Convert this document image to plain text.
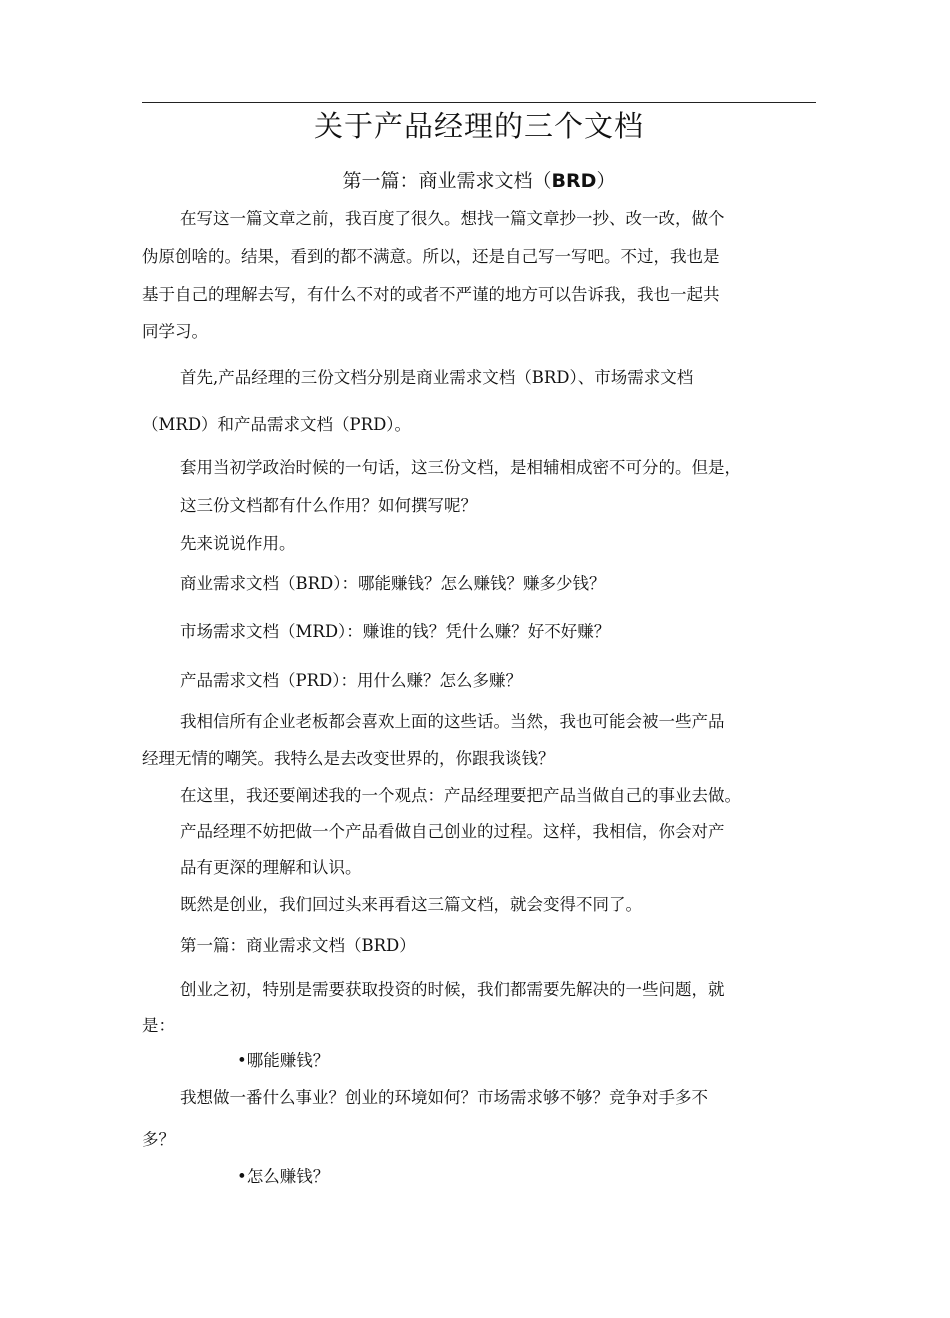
关于产品经理的三个文档
第一篇：商业需求文档（BRD）
在写这一篇文章之前，我百度了很久。想找一篇文章抄一抄、改一改，做个
伪原创啥的。结果，看到的都不满意。所以，还是自己写一写吧。不过，我也是
基于自己的理解去写，有什么不对的或者不严谨的地方可以告诉我，我也一起共
同学习。
首先,产品经理的三份文档分别是商业需求文档（BRD）、市场需求文档
（MRD）和产品需求文档（PRD）。
套用当初学政治时候的一句话，这三份文档，是相辅相成密不可分的。但是，
这三份文档都有什么作用？如何撰写呢？
先来说说作用。
商业需求文档（BRD）：哪能赚钱？怎么赚钱？赚多少钱？
市场需求文档（MRD）：赚谁的钱？凭什么赚？好不好赚？
产品需求文档（PRD）：用什么赚？怎么多赚？
我相信所有企业老板都会喜欢上面的这些话。当然，我也可能会被一些产品
经理无情的嘲笑。我特么是去改变世界的，你跟我谈钱？
在这里，我还要阐述我的一个观点：产品经理要把产品当做自己的事业去做。
产品经理不妨把做一个产品看做自己创业的过程。这样，我相信，你会对产
品有更深的理解和认识。
既然是创业，我们回过头来再看这三篇文档，就会变得不同了。
第一篇：商业需求文档（BRD）
创业之初，特别是需要获取投资的时候，我们都需要先解决的一些问题，就
是：
•哪能赚钱？
我想做一番什么事业？创业的环境如何？市场需求够不够？竞争对手多不
多？
•怎么赚钱？
